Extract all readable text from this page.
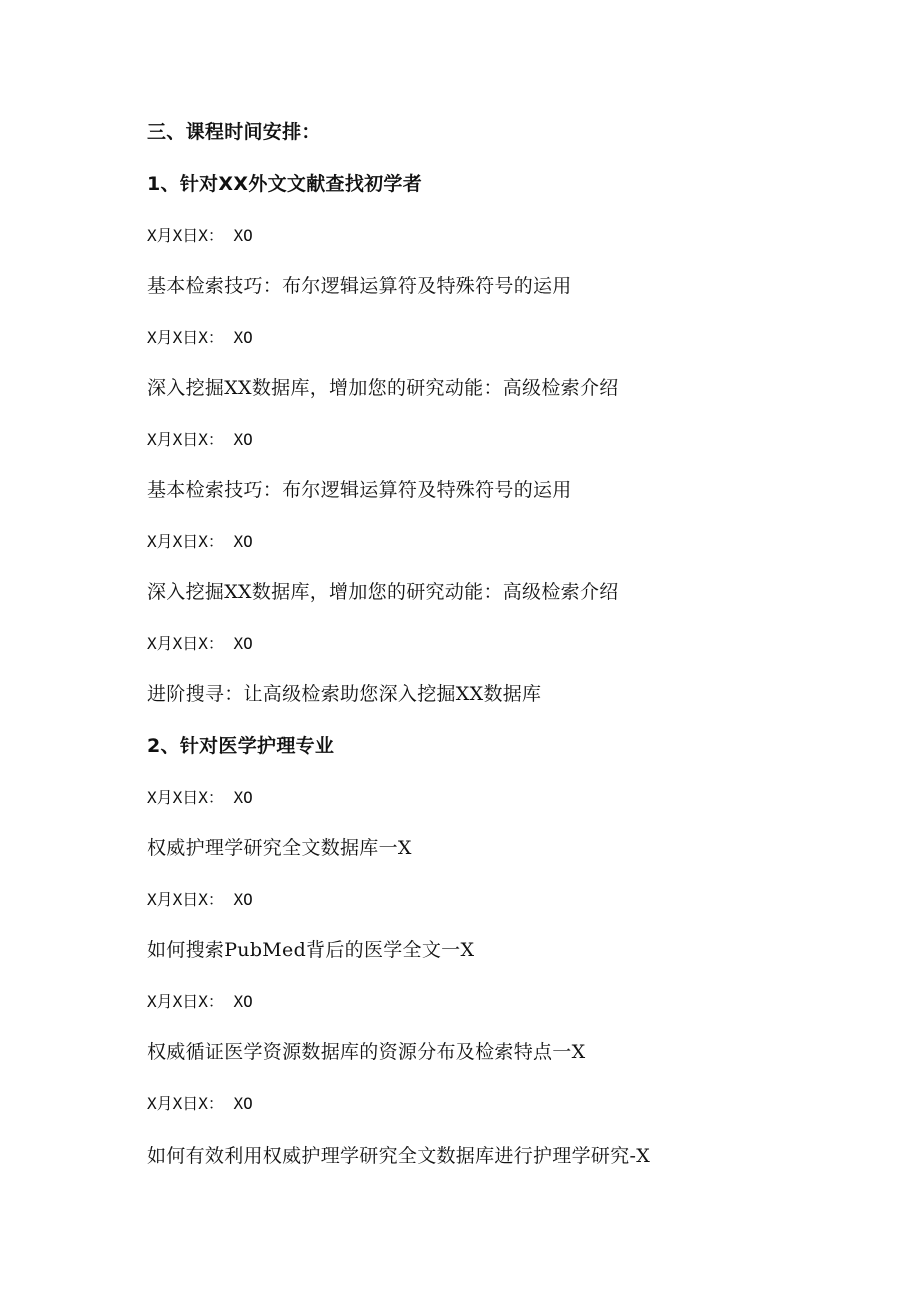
三、课程时间安排：
1、针对XX外文文献查找初学者
X月X日X： XO
基本检索技巧：布尔逻辑运算符及特殊符号的运用
X月X日X： XO
深入挖掘XX数据库，增加您的研究动能：高级检索介绍
X月X日X： XO
基本检索技巧：布尔逻辑运算符及特殊符号的运用
X月X日X： XO
深入挖掘XX数据库，增加您的研究动能：高级检索介绍
X月X日X： XO
进阶搜寻：让高级检索助您深入挖掘XX数据库
2、针对医学护理专业
X月X日X： XO
权威护理学研究全文数据库一X
X月X日X： XO
如何搜索PubMed背后的医学全文一X
X月X日X： XO
权威循证医学资源数据库的资源分布及检索特点一X
X月X日X： XO
如何有效利用权威护理学研究全文数据库进行护理学研究-X
